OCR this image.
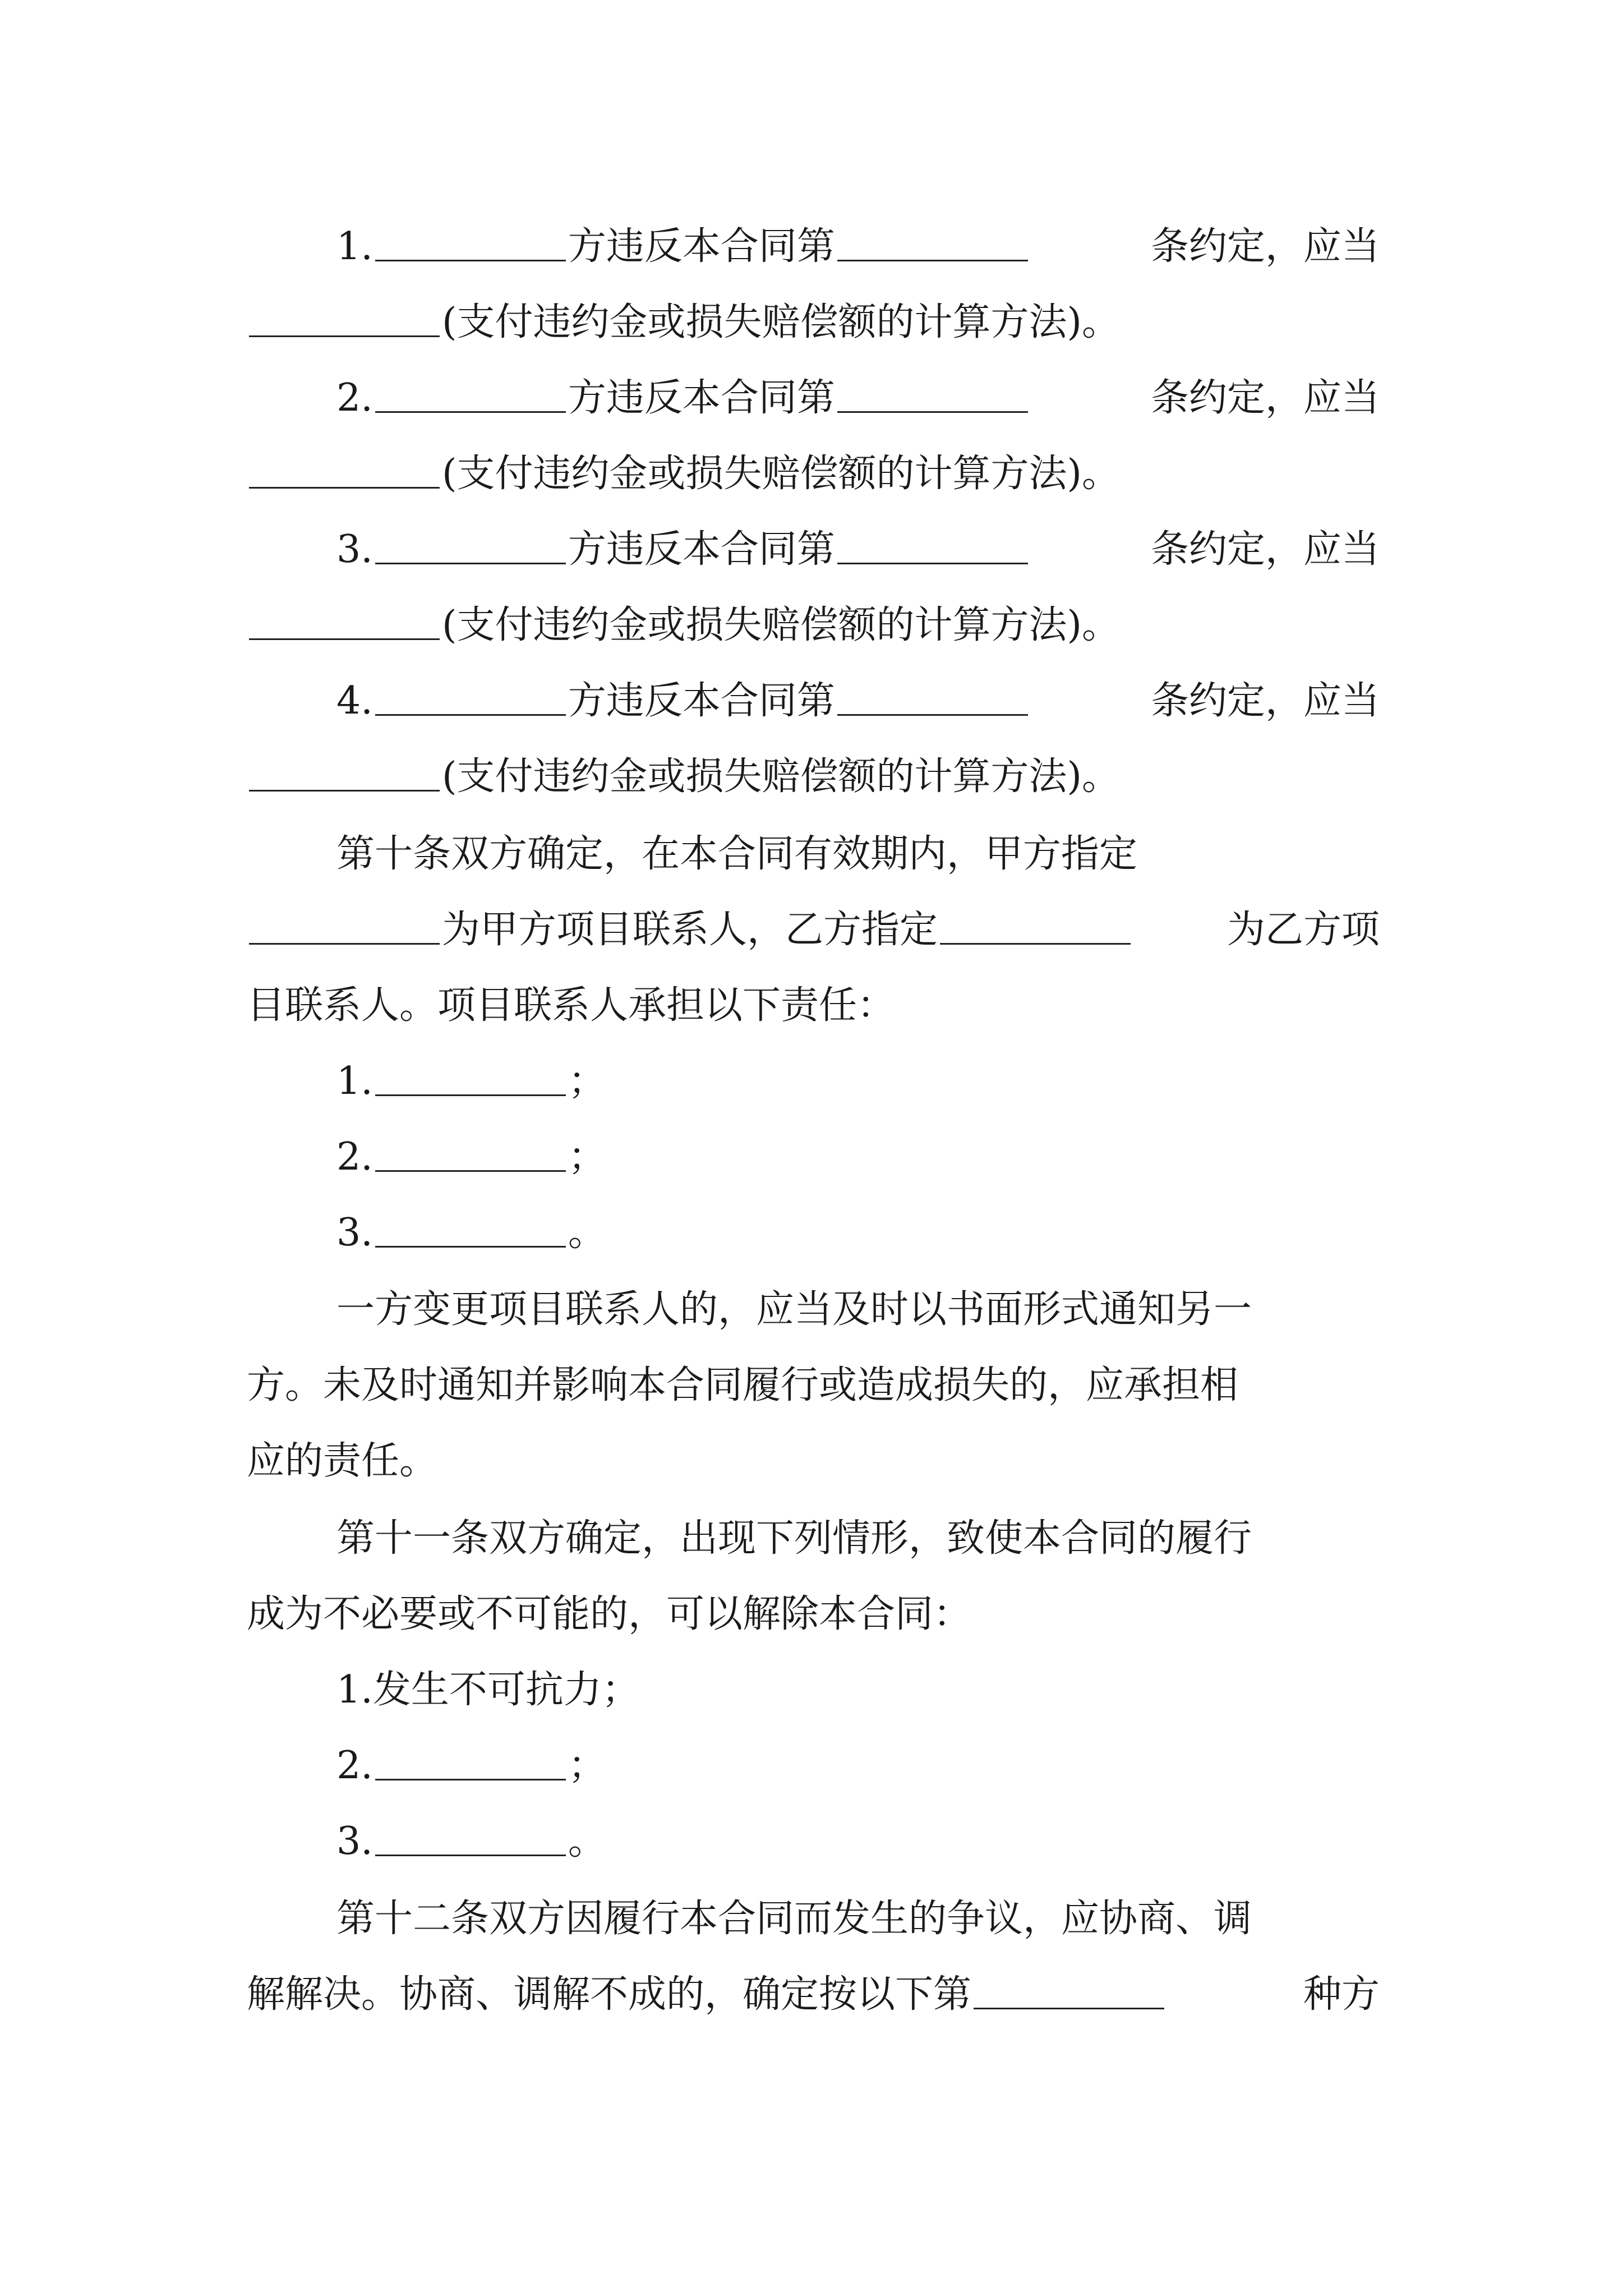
1.	方违反本合同第	条约定，应当
(支付违约金或损失赔偿额的计算方法)。
2.	方违反本合同第	条约定，应当
(支付违约金或损失赔偿额的计算方法)。
3.	方违反本合同第	条约定，应当
(支付违约金或损失赔偿额的计算方法)。
4.	方违反本合同第	条约定，应当
(支付违约金或损失赔偿额的计算方法)。
第十条双方确定，在本合同有效期内，甲方指定
为甲方项目联系人，乙方指定	为乙方项
目联系人。项目联系人承担以下责任：
1.	；
2.	；
3.	。
一方变更项目联系人的，应当及时以书面形式通知另一
方。未及时通知并影响本合同履行或造成损失的，应承担相
应的责任。
第十一条双方确定，出现下列情形，致使本合同的履行
成为不必要或不可能的，可以解除本合同：
1.发生不可抗力；
2.	；
3.	。
第十二条双方因履行本合同而发生的争议，应协商、调
解解决。协商、调解不成的，确定按以下第	种方
